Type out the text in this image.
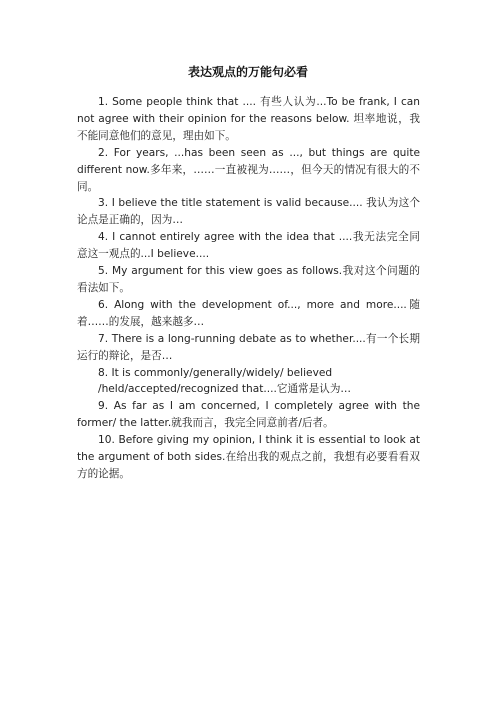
表达观点的万能句必看

1. Some people think that .... 有些人认为...To be frank, I can not agree with their opinion for the reasons below. 坦率地说，我不能同意他们的意见，理由如下。

2. For years, ...has been seen as ..., but things are quite different now.多年来，……一直被视为……，但今天的情况有很大的不同。

3. I believe the title statement is valid because.... 我认为这个论点是正确的，因为…

4. I cannot entirely agree with the idea that ....我无法完全同意这一观点的...I believe....

5. My argument for this view goes as follows.我对这个问题的看法如下。

6. Along with the development of..., more and more....随着……的发展，越来越多…

7. There is a long-running debate as to whether....有一个长期运行的辩论，是否…

8. It is commonly/generally/widely/ believed

/held/accepted/recognized that....它通常是认为…

9. As far as I am concerned, I completely agree with the former/ the latter.就我而言，我完全同意前者/后者。

10. Before giving my opinion, I think it is essential to look at the argument of both sides.在给出我的观点之前，我想有必要看看双方的论据。
